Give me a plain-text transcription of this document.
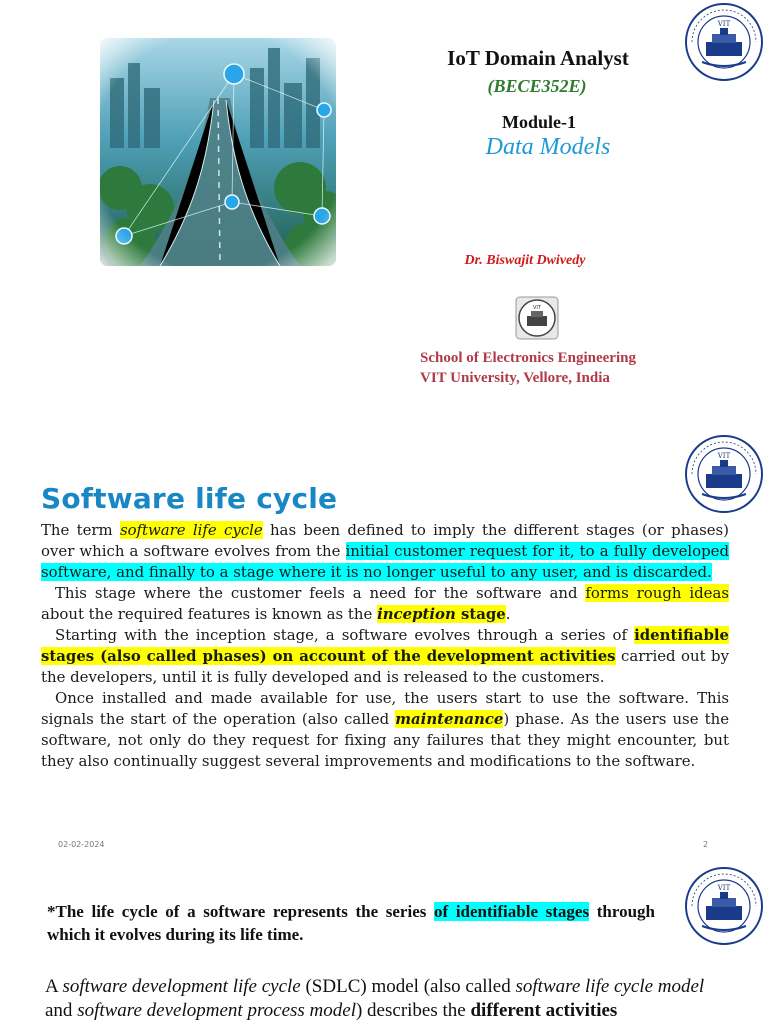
IoT Domain Analyst
(BECE352E)
Module-1
Data Models
Dr. Biswajit Dwivedy
VIT
School of Electronics Engineering
VIT University, Vellore, India
VIT
VIT
Software life cycle

The term software life cycle has been defined to imply the different stages (or phases) over which a software evolves from the initial customer request for it, to a fully developed software, and finally to a stage where it is no longer useful to any user, and is discarded.

This stage where the customer feels a need for the software and forms rough ideas about the required features is known as the inception stage.

Starting with the inception stage, a software evolves through a series of identifiable stages (also called phases) on account of the development activities carried out by the developers, until it is fully developed and is released to the customers.

Once installed and made available for use, the users start to use the software. This signals the start of the operation (also called maintenance) phase. As the users use the software, not only do they request for fixing any failures that they might encounter, but they also continually suggest several improvements and modifications to the software.

02-02-2024	2
VIT
*The life cycle of a software represents the series of identifiable stages through which it evolves during its life time.
A software development life cycle (SDLC) model (also called software life cycle model and software development process model) describes the different activities
